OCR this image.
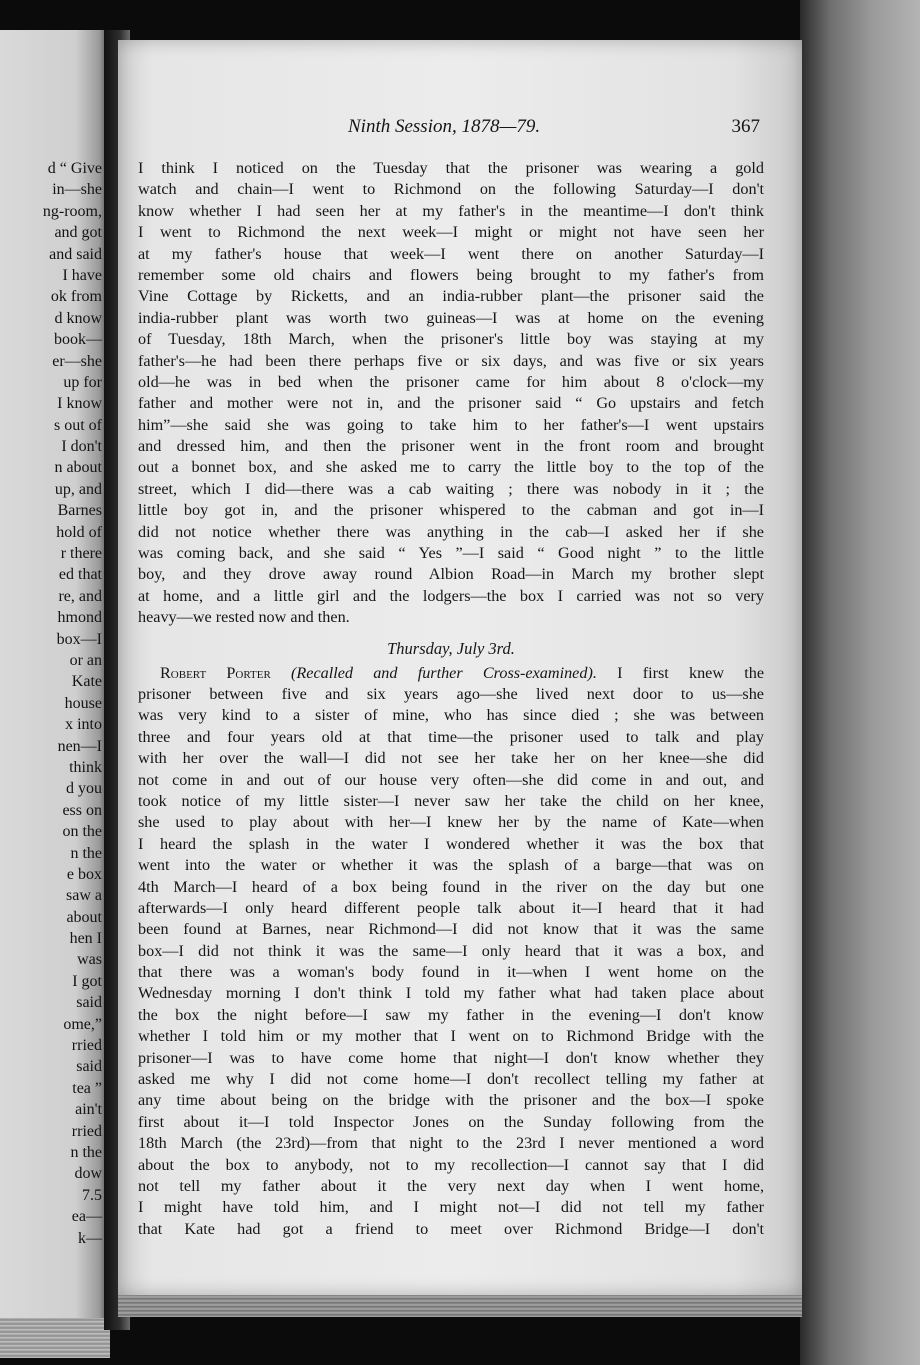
d “ Give
in—she
ng-room,
and got
and said
I have
ok from
d know
book—
er—she
up for
I know
s out of
I don't
n about
up, and
Barnes
hold of
r there
ed that
re, and
hmond
box—I
or an
Kate
house
x into
nen—I
think
d you
ess on
on the
n the
e box
saw a
about
hen I
was
I got
said
ome,”
rried
said
tea ”
ain't
rried
n the
dow
7.5
ea—
k—
Ninth Session, 1878—79.	367
I think I noticed on the Tuesday that the prisoner was wearing a gold
watch and chain—I went to Richmond on the following Saturday—I don't
know whether I had seen her at my father's in the meantime—I don't think
I went to Richmond the next week—I might or might not have seen her
at my father's house that week—I went there on another Saturday—I
remember some old chairs and flowers being brought to my father's from
Vine Cottage by Ricketts, and an india-rubber plant—the prisoner said the
india-rubber plant was worth two guineas—I was at home on the evening
of Tuesday, 18th March, when the prisoner's little boy was staying at my
father's—he had been there perhaps five or six days, and was five or six years
old—he was in bed when the prisoner came for him about 8 o'clock—my
father and mother were not in, and the prisoner said “ Go upstairs and fetch
him”—she said she was going to take him to her father's—I went upstairs
and dressed him, and then the prisoner went in the front room and brought
out a bonnet box, and she asked me to carry the little boy to the top of the
street, which I did—there was a cab waiting ; there was nobody in it ; the
little boy got in, and the prisoner whispered to the cabman and got in—I
did not notice whether there was anything in the cab—I asked her if she
was coming back, and she said “ Yes ”—I said “ Good night ” to the little
boy, and they drove away round Albion Road—in March my brother slept
at home, and a little girl and the lodgers—the box I carried was not so very
heavy—we rested now and then.
Thursday, July 3rd.
Robert Porter (Recalled and further Cross-examined). I first knew the
prisoner between five and six years ago—she lived next door to us—she
was very kind to a sister of mine, who has since died ; she was between
three and four years old at that time—the prisoner used to talk and play
with her over the wall—I did not see her take her on her knee—she did
not come in and out of our house very often—she did come in and out, and
took notice of my little sister—I never saw her take the child on her knee,
she used to play about with her—I knew her by the name of Kate—when
I heard the splash in the water I wondered whether it was the box that
went into the water or whether it was the splash of a barge—that was on
4th March—I heard of a box being found in the river on the day but one
afterwards—I only heard different people talk about it—I heard that it had
been found at Barnes, near Richmond—I did not know that it was the same
box—I did not think it was the same—I only heard that it was a box, and
that there was a woman's body found in it—when I went home on the
Wednesday morning I don't think I told my father what had taken place about
the box the night before—I saw my father in the evening—I don't know
whether I told him or my mother that I went on to Richmond Bridge with the
prisoner—I was to have come home that night—I don't know whether they
asked me why I did not come home—I don't recollect telling my father at
any time about being on the bridge with the prisoner and the box—I spoke
first about it—I told Inspector Jones on the Sunday following from the
18th March (the 23rd)—from that night to the 23rd I never mentioned a word
about the box to anybody, not to my recollection—I cannot say that I did
not tell my father about it the very next day when I went home,
I might have told him, and I might not—I did not tell my father
that Kate had got a friend to meet over Richmond Bridge—I don't
